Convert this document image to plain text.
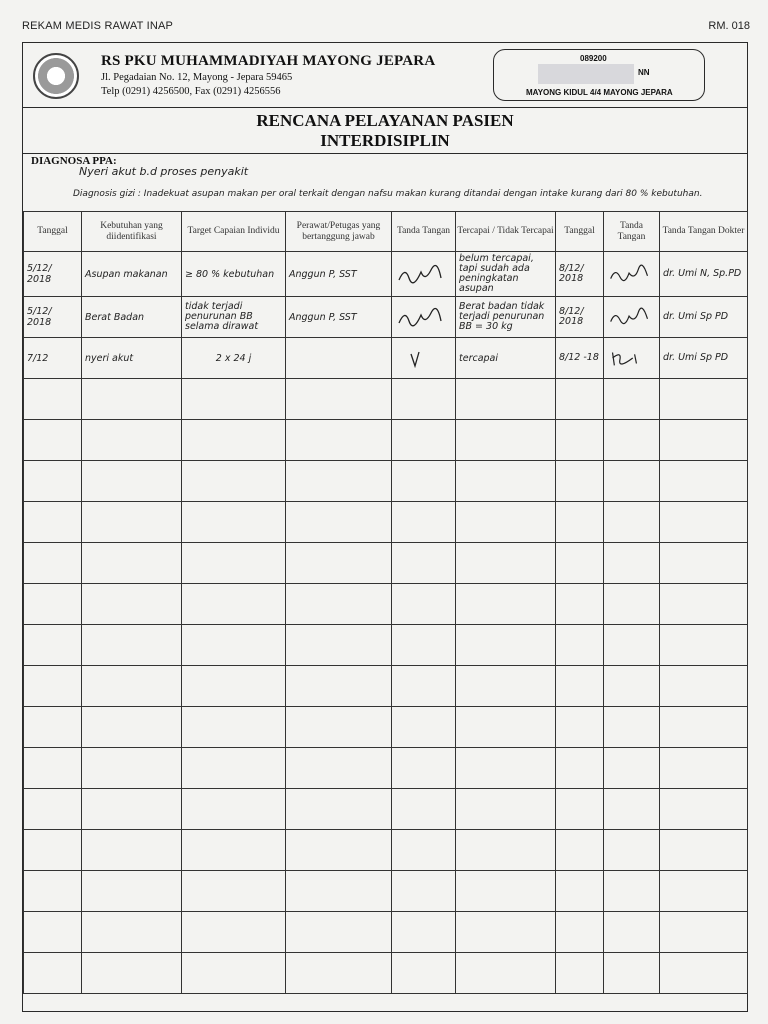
REKAM MEDIS RAWAT INAP	RM. 018
RS PKU MUHAMMADIYAH MAYONG JEPARA
Jl. Pegadaian No. 12, Mayong - Jepara 59465
Telp (0291) 4256500, Fax (0291) 4256556
089200
NN
MAYONG KIDUL 4/4 MAYONG JEPARA
RENCANA PELAYANAN PASIEN
INTERDISIPLIN
DIAGNOSA PPA:
Nyeri akut b.d proses penyakit
Diagnosis gizi : Inadekuat asupan makan per oral terkait dengan nafsu makan kurang ditandai dengan intake kurang dari 80 % kebutuhan.
Tanggal	Kebutuhan yang diidentifikasi	Target Capaian Individu	Perawat/Petugas yang bertanggung jawab	Tanda Tangan	Tercapai / Tidak Tercapai	Tanggal	Tanda Tangan	Tanda Tangan Dokter
5/12/ 2018	Asupan makanan	≥ 80 % kebutuhan	Anggun P, SST		belum tercapai, tapi sudah ada peningkatan asupan	8/12/ 2018		dr. Umi N, Sp.PD
5/12/ 2018	Berat Badan	tidak terjadi penurunan BB selama dirawat	Anggun P, SST		Berat badan tidak terjadi penurunan BB = 30 kg	8/12/ 2018		dr. Umi Sp PD
7/12	nyeri akut	2 x 24 j			tercapai	8/12 -18		dr. Umi Sp PD
